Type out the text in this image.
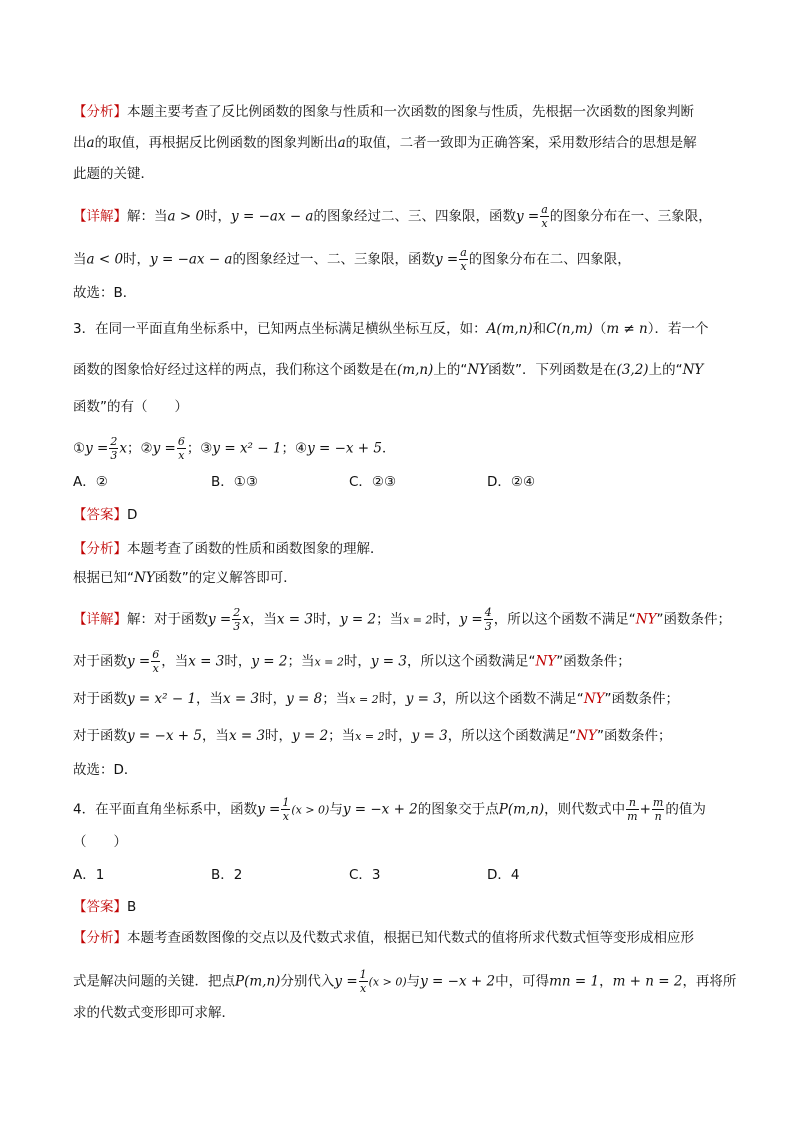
【分析】本题主要考查了反比例函数的图象与性质和一次函数的图象与性质，先根据一次函数的图象判断
出a的取值，再根据反比例函数的图象判断出a的取值，二者一致即为正确答案，采用数形结合的思想是解
此题的关键．
【详解】解：当a > 0时，y = −ax − a的图象经过二、三、四象限，函数$y = \frac{a}{x}$ 的图象分布在一、三象限，
当a < 0时，y = −ax − a的图象经过一、二、三象限，函数$y = \frac{a}{x}$ 的图象分布在二、四象限，
故选：B．
3．在同一平面直角坐标系中，已知两点坐标满足横纵坐标互反，如：A(m,n)和C(n,m)（m ≠ n）．若一个
函数的图象恰好经过这样的两点，我们称这个函数是在(m,n)上的“NY函数”．下列函数是在(3,2)上的“NY
函数”的有（　　）
①y = $\frac{2}{3}$ x；②y = $\frac{6}{x}$ ；③y = x² − 1；④y = −x + 5．
A．②	B．①③	C．②③	D．②④
【答案】D
【分析】本题考查了函数的性质和函数图象的理解．
根据已知“NY函数”的定义解答即可．
【详解】解：对于函数$y = \frac{2}{3}$ x，当x = 3时，y = 2；当x = 2时，$y = \frac{4}{3}$ ，所以这个函数不满足“NY”函数条件；
对于函数$y = \frac{6}{x}$ ，当x = 3时，y = 2；当x = 2时，y = 3，所以这个函数满足“NY”函数条件；
对于函数y = x² − 1，当x = 3时，y = 8；当x = 2时，y = 3，所以这个函数不满足“NY”函数条件；
对于函数y = −x + 5，当x = 3时，y = 2；当x = 2时，y = 3，所以这个函数满足“NY”函数条件；
故选：D．
4．在平面直角坐标系中，函数$y = \frac{1}{x} (x > 0)$与y = −x + 2的图象交于点P(m,n)，则代数式中 $\frac{n}{m} + \frac{m}{n}$ 的值为
（　　）
A．1	B．2	C．3	D．4
【答案】B
【分析】本题考查函数图像的交点以及代数式求值，根据已知代数式的值将所求代数式恒等变形成相应形
式是解决问题的关键．把点P(m,n)分别代入$y = \frac{1}{x} (x > 0)$与y = −x + 2中，可得mn = 1，m + n = 2，再将所
求的代数式变形即可求解．
